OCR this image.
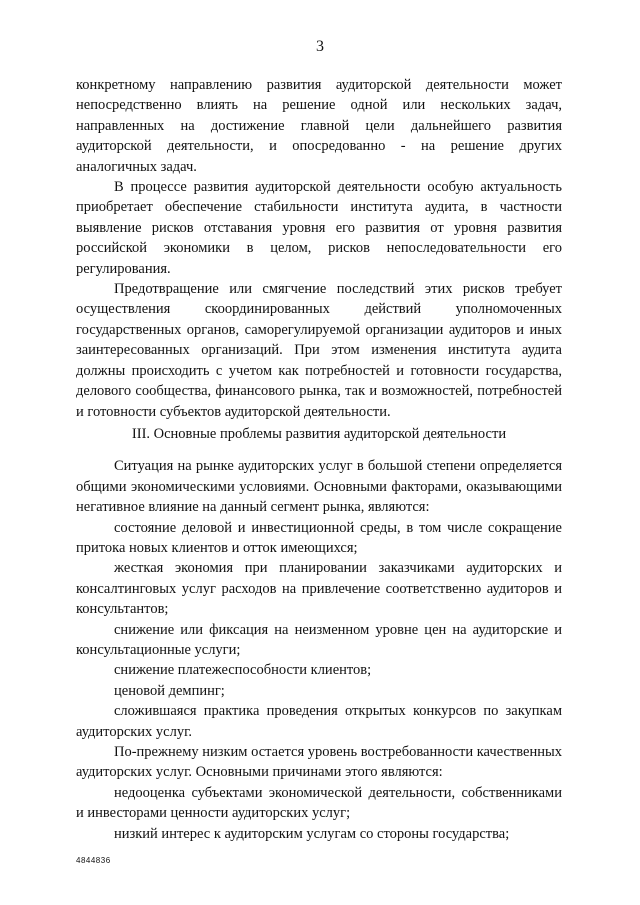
3

конкретному направлению развития аудиторской деятельности может непосредственно влиять на решение одной или нескольких задач, направленных на достижение главной цели дальнейшего развития аудиторской деятельности, и опосредованно - на решение других аналогичных задач.

В процессе развития аудиторской деятельности особую актуальность приобретает обеспечение стабильности института аудита, в частности выявление рисков отставания уровня его развития от уровня развития российской экономики в целом, рисков непоследовательности его регулирования.

Предотвращение или смягчение последствий этих рисков требует осуществления скоординированных действий уполномоченных государственных органов, саморегулируемой организации аудиторов и иных заинтересованных организаций. При этом изменения института аудита должны происходить с учетом как потребностей и готовности государства, делового сообщества, финансового рынка, так и возможностей, потребностей и готовности субъектов аудиторской деятельности.

III. Основные проблемы развития аудиторской деятельности

Ситуация на рынке аудиторских услуг в большой степени определяется общими экономическими условиями. Основными факторами, оказывающими негативное влияние на данный сегмент рынка, являются:

состояние деловой и инвестиционной среды, в том числе сокращение притока новых клиентов и отток имеющихся;

жесткая экономия при планировании заказчиками аудиторских и консалтинговых услуг расходов на привлечение соответственно аудиторов и консультантов;

снижение или фиксация на неизменном уровне цен на аудиторские и консультационные услуги;

снижение платежеспособности клиентов;

ценовой демпинг;

сложившаяся практика проведения открытых конкурсов по закупкам аудиторских услуг.

По-прежнему низким остается уровень востребованности качественных аудиторских услуг. Основными причинами этого являются:

недооценка субъектами экономической деятельности, собственниками и инвесторами ценности аудиторских услуг;

низкий интерес к аудиторским услугам со стороны государства;

4844836
